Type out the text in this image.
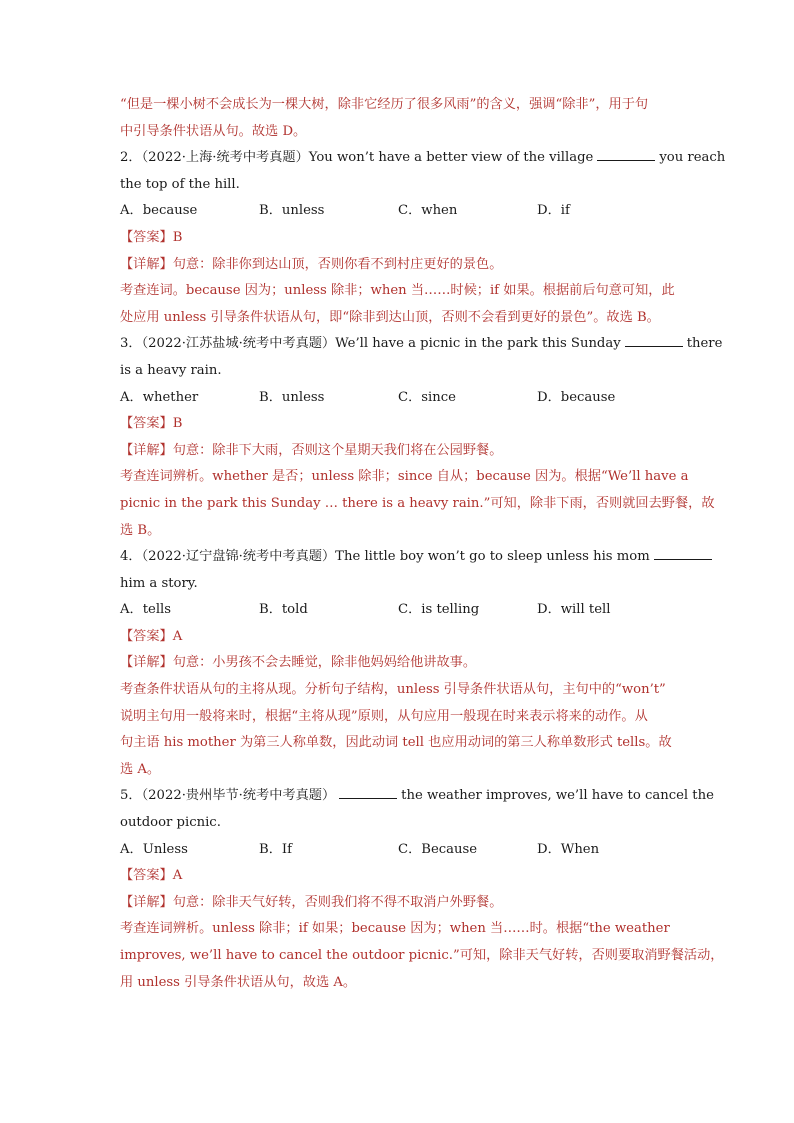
“但是一棵小树不会成长为一棵大树，除非它经历了很多风雨”的含义，强调“除非”，用于句
中引导条件状语从句。故选 D。
2．（2022·上海·统考中考真题）You won’t have a better view of the village	you reach
the top of the hill.
A．because	B．unless	C．when	D．if
【答案】B
【详解】句意：除非你到达山顶，否则你看不到村庄更好的景色。
考查连词。because 因为；unless 除非；when 当……时候；if 如果。根据前后句意可知，此
处应用 unless 引导条件状语从句，即“除非到达山顶，否则不会看到更好的景色”。故选 B。
3．（2022·江苏盐城·统考中考真题）We’ll have a picnic in the park this Sunday	there
is a heavy rain.
A．whether	B．unless	C．since	D．because
【答案】B
【详解】句意：除非下大雨，否则这个星期天我们将在公园野餐。
考查连词辨析。whether 是否；unless 除非；since 自从；because 因为。根据“We’ll have a
picnic in the park this Sunday … there is a heavy rain.”可知，除非下雨，否则就回去野餐，故
选 B。
4．（2022·辽宁盘锦·统考中考真题）The little boy won’t go to sleep unless his mom
him a story.
A．tells	B．told	C．is telling	D．will tell
【答案】A
【详解】句意：小男孩不会去睡觉，除非他妈妈给他讲故事。
考查条件状语从句的主将从现。分析句子结构，unless 引导条件状语从句，主句中的“won’t”
说明主句用一般将来时，根据“主将从现”原则，从句应用一般现在时来表示将来的动作。从
句主语 his mother 为第三人称单数，因此动词 tell 也应用动词的第三人称单数形式 tells。故
选 A。
5．（2022·贵州毕节·统考中考真题）	the weather improves, we’ll have to cancel the
outdoor picnic.
A．Unless	B．If	C．Because	D．When
【答案】A
【详解】句意：除非天气好转，否则我们将不得不取消户外野餐。
考查连词辨析。unless 除非；if 如果；because 因为；when 当……时。根据“the weather
improves, we’ll have to cancel the outdoor picnic.”可知，除非天气好转，否则要取消野餐活动，
用 unless 引导条件状语从句，故选 A。
